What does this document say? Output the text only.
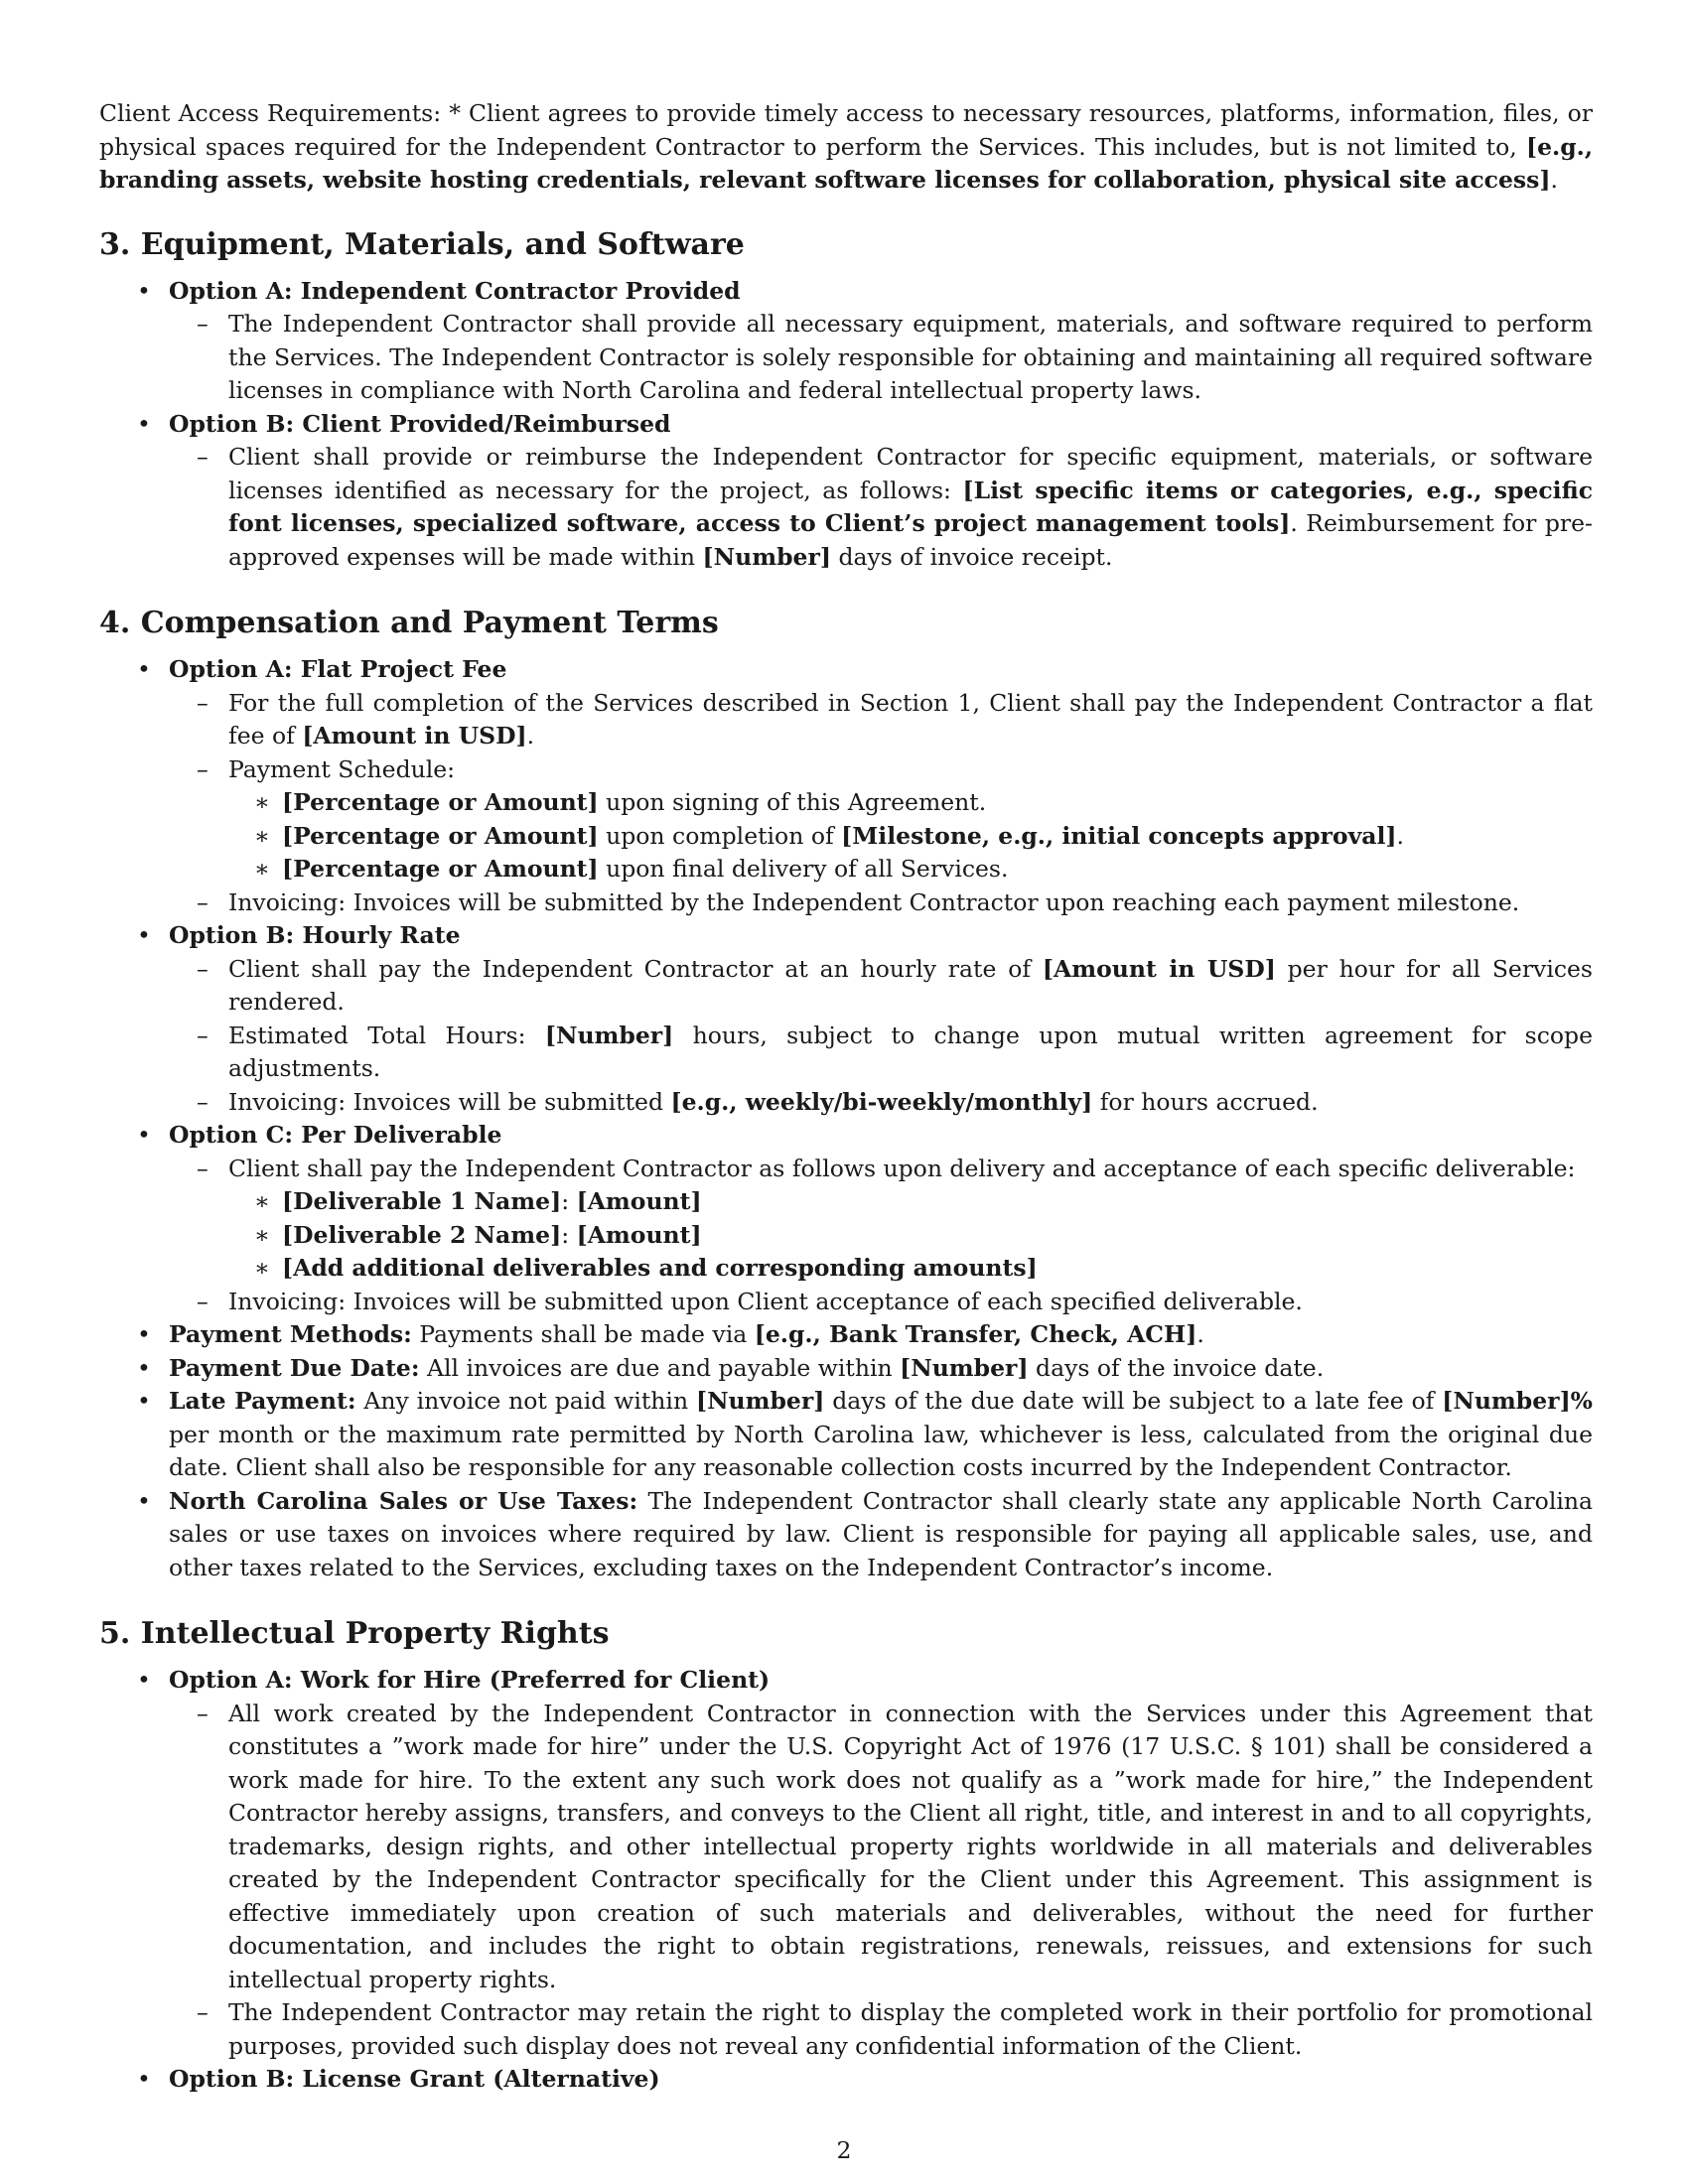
Client Access Requirements: * Client agrees to provide timely access to necessary resources, platforms, information, files, or physical spaces required for the Independent Contractor to perform the Services. This includes, but is not limited to, [e.g., branding assets, website hosting credentials, relevant software licenses for collaboration, physical site access].

3. Equipment, Materials, and Software
• Option A: Independent Contractor Provided
– The Independent Contractor shall provide all necessary equipment, materials, and software required to perform the Services. The Independent Contractor is solely responsible for obtaining and maintaining all required software licenses in compliance with North Carolina and federal intellectual property laws.
• Option B: Client Provided/Reimbursed
– Client shall provide or reimburse the Independent Contractor for specific equipment, materials, or software licenses identified as necessary for the project, as follows: [List specific items or categories, e.g., specific font licenses, specialized software, access to Client’s project management tools]. Reimbursement for pre-approved expenses will be made within [Number] days of invoice receipt.
4. Compensation and Payment Terms
• Option A: Flat Project Fee
– For the full completion of the Services described in Section 1, Client shall pay the Independent Contractor a flat fee of [Amount in USD].
– Payment Schedule:
∗ [Percentage or Amount] upon signing of this Agreement.
∗ [Percentage or Amount] upon completion of [Milestone, e.g., initial concepts approval].
∗ [Percentage or Amount] upon final delivery of all Services.
– Invoicing: Invoices will be submitted by the Independent Contractor upon reaching each payment milestone.
• Option B: Hourly Rate
– Client shall pay the Independent Contractor at an hourly rate of [Amount in USD] per hour for all Services rendered.
– Estimated Total Hours: [Number] hours, subject to change upon mutual written agreement for scope adjustments.
– Invoicing: Invoices will be submitted [e.g., weekly/bi-weekly/monthly] for hours accrued.
• Option C: Per Deliverable
– Client shall pay the Independent Contractor as follows upon delivery and acceptance of each specific deliverable:
∗ [Deliverable 1 Name]: [Amount]
∗ [Deliverable 2 Name]: [Amount]
∗ [Add additional deliverables and corresponding amounts]
– Invoicing: Invoices will be submitted upon Client acceptance of each specified deliverable.
• Payment Methods: Payments shall be made via [e.g., Bank Transfer, Check, ACH].
• Payment Due Date: All invoices are due and payable within [Number] days of the invoice date.
• Late Payment: Any invoice not paid within [Number] days of the due date will be subject to a late fee of [Number]% per month or the maximum rate permitted by North Carolina law, whichever is less, calculated from the original due date. Client shall also be responsible for any reasonable collection costs incurred by the Independent Contractor.
• North Carolina Sales or Use Taxes: The Independent Contractor shall clearly state any applicable North Carolina sales or use taxes on invoices where required by law. Client is responsible for paying all applicable sales, use, and other taxes related to the Services, excluding taxes on the Independent Contractor’s income.
5. Intellectual Property Rights
• Option A: Work for Hire (Preferred for Client)
– All work created by the Independent Contractor in connection with the Services under this Agreement that constitutes a ”work made for hire” under the U.S. Copyright Act of 1976 (17 U.S.C. § 101) shall be considered a work made for hire. To the extent any such work does not qualify as a ”work made for hire,” the Independent Contractor hereby assigns, transfers, and conveys to the Client all right, title, and interest in and to all copyrights, trademarks, design rights, and other intellectual property rights worldwide in all materials and deliverables created by the Independent Contractor specifically for the Client under this Agreement. This assignment is effective immediately upon creation of such materials and deliverables, without the need for further documentation, and includes the right to obtain registrations, renewals, reissues, and extensions for such intellectual property rights.
– The Independent Contractor may retain the right to display the completed work in their portfolio for promotional purposes, provided such display does not reveal any confidential information of the Client.
• Option B: License Grant (Alternative)
2
